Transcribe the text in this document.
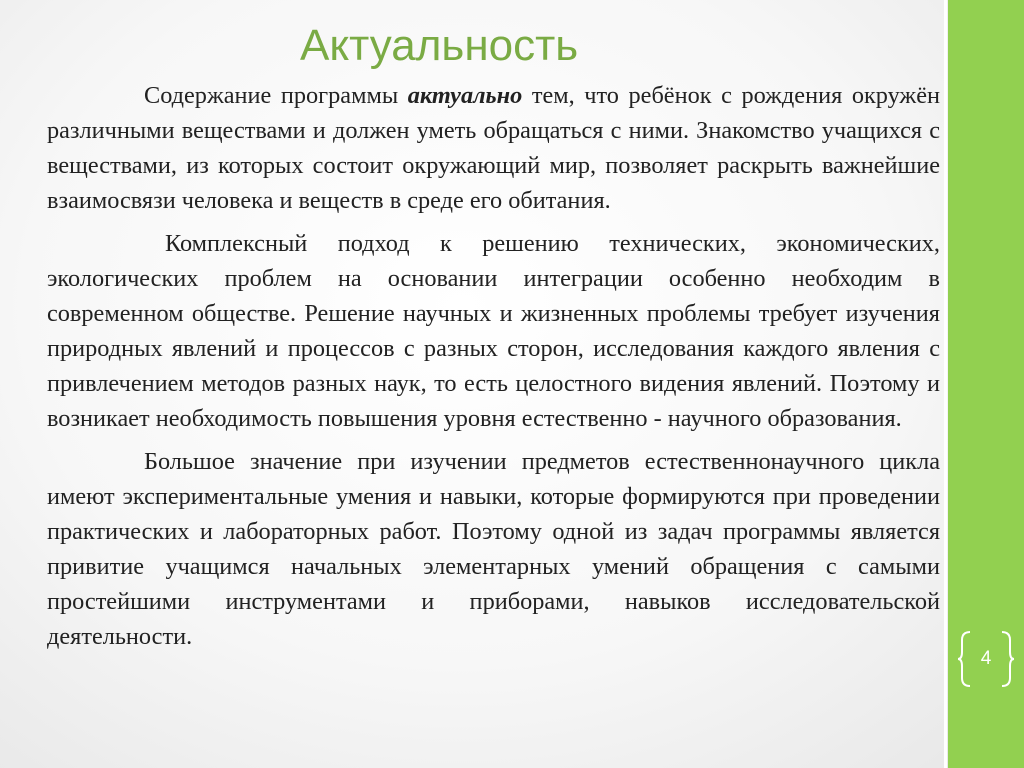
Актуальность

Содержание программы актуально тем, что ребёнок с рождения окружён различными веществами и должен уметь обращаться с ними. Знакомство учащихся с веществами, из которых состоит окружающий мир, позволяет раскрыть важнейшие взаимосвязи человека и веществ в среде его обитания.

Комплексный подход к решению технических, экономических, экологических проблем на основании интеграции особенно необходим в современном обществе. Решение научных и жизненных проблемы требует изучения природных явлений и процессов с разных сторон, исследования каждого явления с привлечением методов разных наук, то есть целостного видения явлений. Поэтому и возникает необходимость повышения уровня естественно - научного образования.

Большое значение при изучении предметов естественнонаучного цикла имеют экспериментальные умения и навыки, которые формируются при проведении практических и лабораторных работ. Поэтому одной из задач программы является привитие учащимся начальных элементарных умений обращения с самыми простейшими инструментами и приборами, навыков исследовательской деятельности.

4
